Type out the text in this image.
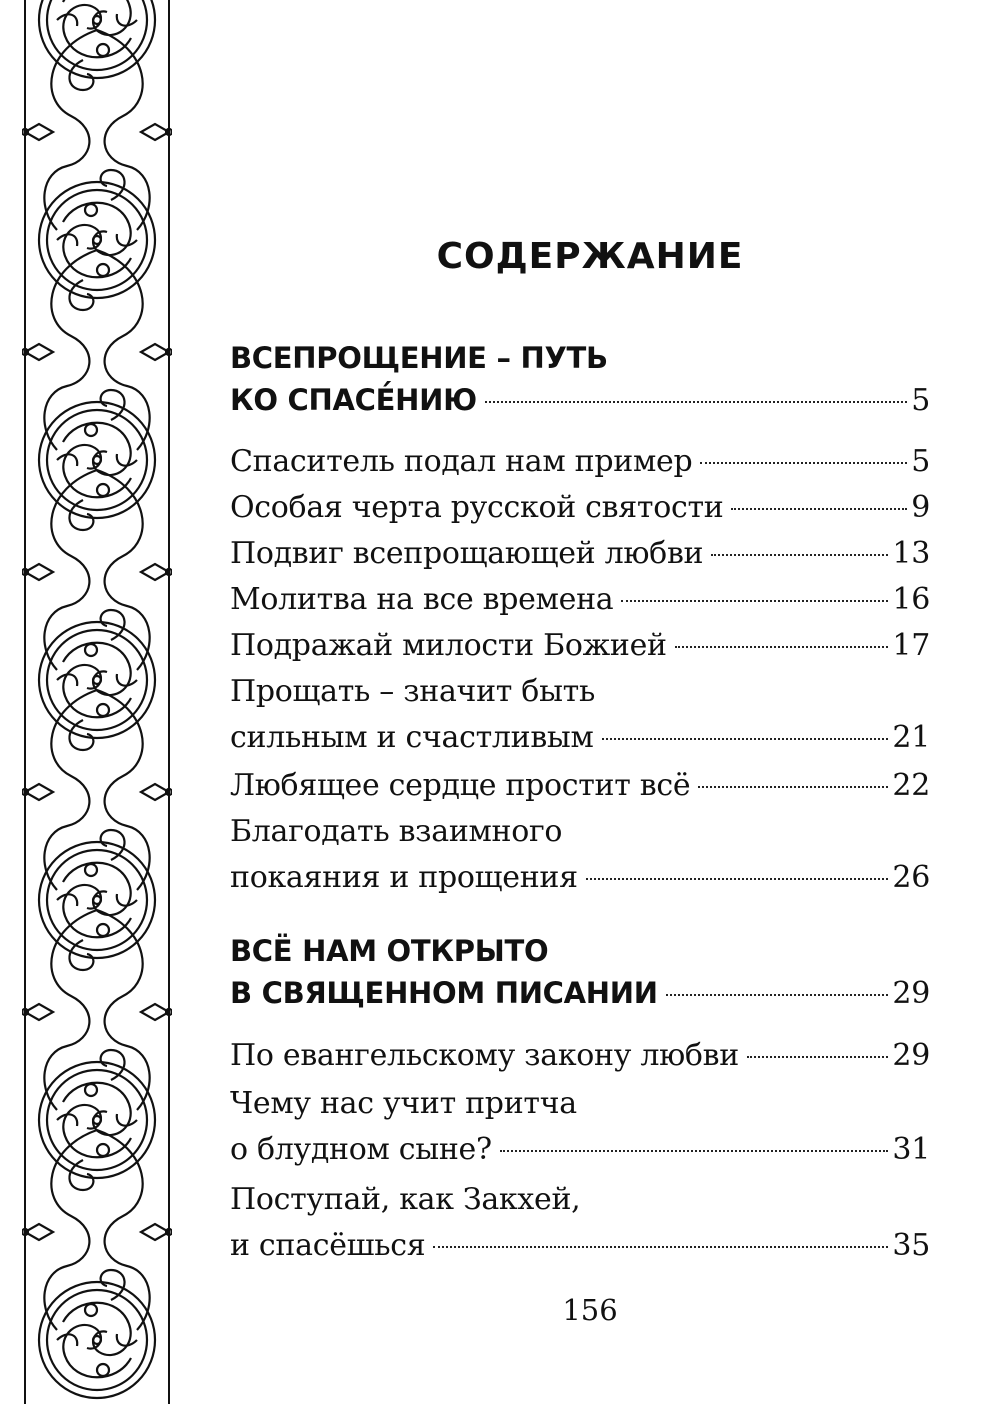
СОДЕРЖАНИЕ
ВСЕПРОЩЕНИЕ – ПУТЬ
КО СПАСЕ́НИЮ	5
Спаситель подал нам пример	5
Особая черта русской святости	9
Подвиг всепрощающей любви	13
Молитва на все времена	16
Подражай милости Божией	17
Прощать – значит быть
сильным и счастливым	21
Любящее сердце простит всё	22
Благодать взаимного
покаяния и прощения	26
ВСЁ НАМ ОТКРЫТО
В СВЯЩЕННОМ ПИСАНИИ	29
По евангельскому закону любви	29
Чему нас учит притча
о блудном сыне?	31
Поступай, как Закхей,
и спасёшься	35
156
